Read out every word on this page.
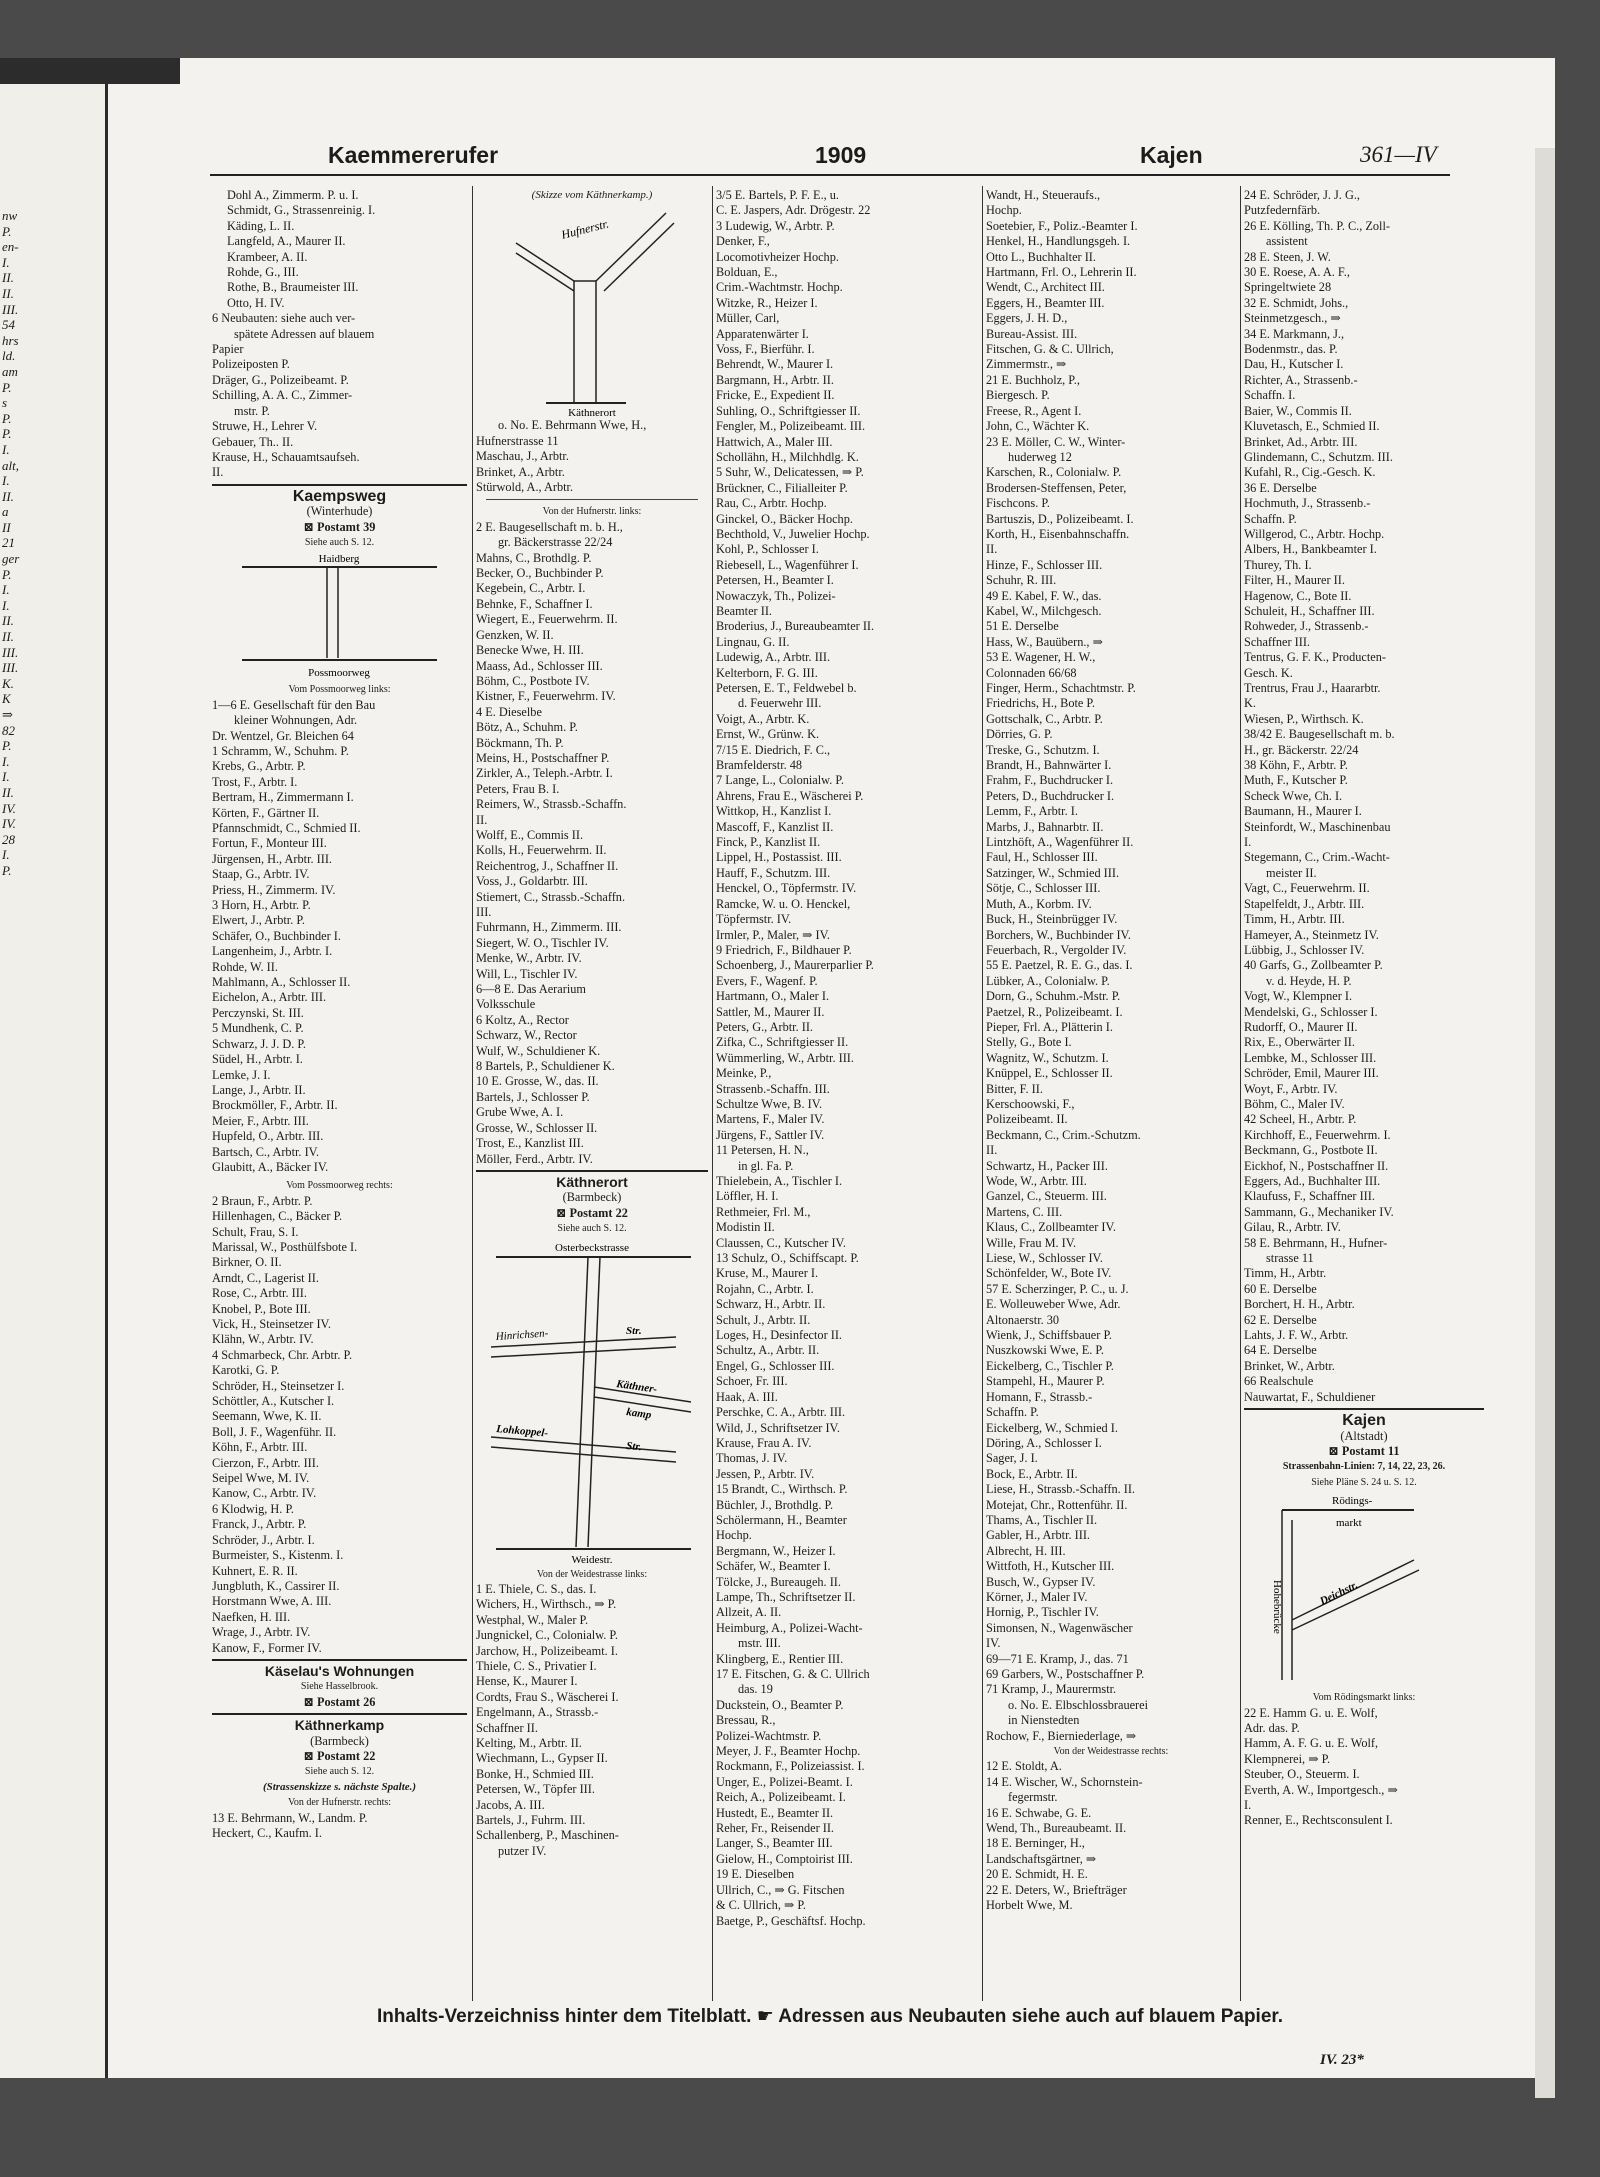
nw
P.
en-
I.
II.
II.
III.
54
hrs
ld.
am
P.
s
P.
P.
I.
alt,
I.
II.
a
II
21
ger
P.
I.
I.
II.
II.
III.
III.
K.
K
⇒
82
P.
I.
I.
II.
IV.
IV.
28
I.
P.
Kaemmererufer	1909	Kajen	361—IV
Dohl A., Zimmerm. P. u. I.
Schmidt, G., Strassenreinig. I.
Käding, L. II.
Langfeld, A., Maurer II.
Krambeer, A. II.
Rohde, G., III.
Rothe, B., Braumeister III.
Otto, H. IV.
6 Neubauten: siehe auch ver-
spätete Adressen auf blauem
Papier
Polizeiposten P.
Dräger, G., Polizeibeamt. P.
Schilling, A. A. C., Zimmer-
mstr. P.
Struwe, H., Lehrer V.
Gebauer, Th.. II.
Krause, H., Schauamtsaufseh.
II.
Kaempsweg
(Winterhude)
⊠ Postamt 39
Siehe auch S. 12.
Haidberg
Possmoorweg
Vom Possmoorweg links:
1—6 E. Gesellschaft für den Bau
kleiner Wohnungen, Adr.
Dr. Wentzel, Gr. Bleichen 64
1 Schramm, W., Schuhm. P.
Krebs, G., Arbtr. P.
Trost, F., Arbtr. I.
Bertram, H., Zimmermann I.
Körten, F., Gärtner II.
Pfannschmidt, C., Schmied II.
Fortun, F., Monteur III.
Jürgensen, H., Arbtr. III.
Staap, G., Arbtr. IV.
Priess, H., Zimmerm. IV.
3 Horn, H., Arbtr. P.
Elwert, J., Arbtr. P.
Schäfer, O., Buchbinder I.
Langenheim, J., Arbtr. I.
Rohde, W. II.
Mahlmann, A., Schlosser II.
Eichelon, A., Arbtr. III.
Perczynski, St. III.
5 Mundhenk, C. P.
Schwarz, J. J. D. P.
Südel, H., Arbtr. I.
Lemke, J. I.
Lange, J., Arbtr. II.
Brockmöller, F., Arbtr. II.
Meier, F., Arbtr. III.
Hupfeld, O., Arbtr. III.
Bartsch, C., Arbtr. IV.
Glaubitt, A., Bäcker IV.
Vom Possmoorweg rechts:
2 Braun, F., Arbtr. P.
Hillenhagen, C., Bäcker P.
Schult, Frau, S. I.
Marissal, W., Posthülfsbote I.
Birkner, O. II.
Arndt, C., Lagerist II.
Rose, C., Arbtr. III.
Knobel, P., Bote III.
Vick, H., Steinsetzer IV.
Klähn, W., Arbtr. IV.
4 Schmarbeck, Chr. Arbtr. P.
Karotki, G. P.
Schröder, H., Steinsetzer I.
Schöttler, A., Kutscher I.
Seemann, Wwe, K. II.
Boll, J. F., Wagenführ. II.
Köhn, F., Arbtr. III.
Cierzon, F., Arbtr. III.
Seipel Wwe, M. IV.
Kanow, C., Arbtr. IV.
6 Klodwig, H. P.
Franck, J., Arbtr. P.
Schröder, J., Arbtr. I.
Burmeister, S., Kistenm. I.
Kuhnert, E. R. II.
Jungbluth, K., Cassirer II.
Horstmann Wwe, A. III.
Naefken, H. III.
Wrage, J., Arbtr. IV.
Kanow, F., Former IV.
Käselau's Wohnungen
Siehe Hasselbrook.
⊠ Postamt 26
Käthnerkamp
(Barmbeck)
⊠ Postamt 22
Siehe auch S. 12.
(Strassenskizze s. nächste Spalte.)
Von der Hufnerstr. rechts:
13 E. Behrmann, W., Landm. P.
Heckert, C., Kaufm. I.
(Skizze vom Käthnerkamp.)
Hufnerstr.
Käthnerort
o. No. E. Behrmann Wwe, H.,
Hufnerstrasse 11
Maschau, J., Arbtr.
Brinket, A., Arbtr.
Stürwold, A., Arbtr.
Von der Hufnerstr. links:
2 E. Baugesellschaft m. b. H.,
gr. Bäckerstrasse 22/24
Mahns, C., Brothdlg. P.
Becker, O., Buchbinder P.
Kegebein, C., Arbtr. I.
Behnke, F., Schaffner I.
Wiegert, E., Feuerwehrm. II.
Genzken, W. II.
Benecke Wwe, H. III.
Maass, Ad., Schlosser III.
Böhm, C., Postbote IV.
Kistner, F., Feuerwehrm. IV.
4 E. Dieselbe
Bötz, A., Schuhm. P.
Böckmann, Th. P.
Meins, H., Postschaffner P.
Zirkler, A., Teleph.-Arbtr. I.
Peters, Frau B. I.
Reimers, W., Strassb.-Schaffn.
II.
Wolff, E., Commis II.
Kolls, H., Feuerwehrm. II.
Reichentrog, J., Schaffner II.
Voss, J., Goldarbtr. III.
Stiemert, C., Strassb.-Schaffn.
III.
Fuhrmann, H., Zimmerm. III.
Siegert, W. O., Tischler IV.
Menke, W., Arbtr. IV.
Will, L., Tischler IV.
6—8 E. Das Aerarium
Volksschule
6 Koltz, A., Rector
Schwarz, W., Rector
Wulf, W., Schuldiener K.
8 Bartels, P., Schuldiener K.
10 E. Grosse, W., das. II.
Bartels, J., Schlosser P.
Grube Wwe, A. I.
Grosse, W., Schlosser II.
Trost, E., Kanzlist III.
Möller, Ferd., Arbtr. IV.
Käthnerort
(Barmbeck)
⊠ Postamt 22
Siehe auch S. 12.
Osterbeckstrasse
Hinrichsen-	Str.
Käthner-
kamp
Lohkoppel-
Str.
Weidestr.
Von der Weidestrasse links:
1 E. Thiele, C. S., das. I.
Wichers, H., Wirthsch., ⇒ P.
Westphal, W., Maler P.
Jungnickel, C., Colonialw. P.
Jarchow, H., Polizeibeamt. I.
Thiele, C. S., Privatier I.
Hense, K., Maurer I.
Cordts, Frau S., Wäscherei I.
Engelmann, A., Strassb.-
Schaffner II.
Kelting, M., Arbtr. II.
Wiechmann, L., Gypser II.
Bonke, H., Schmied III.
Petersen, W., Töpfer III.
Jacobs, A. III.
Bartels, J., Fuhrm. III.
Schallenberg, P., Maschinen-
putzer IV.
3/5 E. Bartels, P. F. E., u.
C. E. Jaspers, Adr. Drögestr. 22
3 Ludewig, W., Arbtr. P.
Denker, F.,
Locomotivheizer Hochp.
Bolduan, E.,
Crim.-Wachtmstr. Hochp.
Witzke, R., Heizer I.
Müller, Carl,
Apparatenwärter I.
Voss, F., Bierführ. I.
Behrendt, W., Maurer I.
Bargmann, H., Arbtr. II.
Fricke, E., Expedient II.
Suhling, O., Schriftgiesser II.
Fengler, M., Polizeibeamt. III.
Hattwich, A., Maler III.
Schollähn, H., Milchhdlg. K.
5 Suhr, W., Delicatessen, ⇒ P.
Brückner, C., Filialleiter P.
Rau, C., Arbtr. Hochp.
Ginckel, O., Bäcker Hochp.
Bechthold, V., Juwelier Hochp.
Kohl, P., Schlosser I.
Riebesell, L., Wagenführer I.
Petersen, H., Beamter I.
Nowaczyk, Th., Polizei-
Beamter II.
Broderius, J., Bureaubeamter II.
Lingnau, G. II.
Ludewig, A., Arbtr. III.
Kelterborn, F. G. III.
Petersen, E. T., Feldwebel b.
d. Feuerwehr III.
Voigt, A., Arbtr. K.
Ernst, W., Grünw. K.
7/15 E. Diedrich, F. C.,
Bramfelderstr. 48
7 Lange, L., Colonialw. P.
Ahrens, Frau E., Wäscherei P.
Wittkop, H., Kanzlist I.
Mascoff, F., Kanzlist II.
Finck, P., Kanzlist II.
Lippel, H., Postassist. III.
Hauff, F., Schutzm. III.
Henckel, O., Töpfermstr. IV.
Ramcke, W. u. O. Henckel,
Töpfermstr. IV.
Irmler, P., Maler, ⇒ IV.
9 Friedrich, F., Bildhauer P.
Schoenberg, J., Maurerparlier P.
Evers, F., Wagenf. P.
Hartmann, O., Maler I.
Sattler, M., Maurer II.
Peters, G., Arbtr. II.
Zifka, C., Schriftgiesser II.
Wümmerling, W., Arbtr. III.
Meinke, P.,
Strassenb.-Schaffn. III.
Schultze Wwe, B. IV.
Martens, F., Maler IV.
Jürgens, F., Sattler IV.
11 Petersen, H. N.,
in gl. Fa. P.
Thielebein, A., Tischler I.
Löffler, H. I.
Rethmeier, Frl. M.,
Modistin II.
Claussen, C., Kutscher IV.
13 Schulz, O., Schiffscapt. P.
Kruse, M., Maurer I.
Rojahn, C., Arbtr. I.
Schwarz, H., Arbtr. II.
Schult, J., Arbtr. II.
Loges, H., Desinfector II.
Schultz, A., Arbtr. II.
Engel, G., Schlosser III.
Schoer, Fr. III.
Haak, A. III.
Perschke, C. A., Arbtr. III.
Wild, J., Schriftsetzer IV.
Krause, Frau A. IV.
Thomas, J. IV.
Jessen, P., Arbtr. IV.
15 Brandt, C., Wirthsch. P.
Büchler, J., Brothdlg. P.
Schölermann, H., Beamter
Hochp.
Bergmann, W., Heizer I.
Schäfer, W., Beamter I.
Tölcke, J., Bureaugeh. II.
Lampe, Th., Schriftsetzer II.
Allzeit, A. II.
Heimburg, A., Polizei-Wacht-
mstr. III.
Klingberg, E., Rentier III.
17 E. Fitschen, G. & C. Ullrich
das. 19
Duckstein, O., Beamter P.
Bressau, R.,
Polizei-Wachtmstr. P.
Meyer, J. F., Beamter Hochp.
Rockmann, F., Polizeiassist. I.
Unger, E., Polizei-Beamt. I.
Reich, A., Polizeibeamt. I.
Hustedt, E., Beamter II.
Reher, Fr., Reisender II.
Langer, S., Beamter III.
Gielow, H., Comptoirist III.
19 E. Dieselben
Ullrich, C., ⇒ G. Fitschen
& C. Ullrich, ⇒ P.
Baetge, P., Geschäftsf. Hochp.
Wandt, H., Steueraufs.,
Hochp.
Soetebier, F., Poliz.-Beamter I.
Henkel, H., Handlungsgeh. I.
Otto L., Buchhalter II.
Hartmann, Frl. O., Lehrerin II.
Wendt, C., Architect III.
Eggers, H., Beamter III.
Eggers, J. H. D.,
Bureau-Assist. III.
Fitschen, G. & C. Ullrich,
Zimmermstr., ⇒
21 E. Buchholz, P.,
Biergesch. P.
Freese, R., Agent I.
John, C., Wächter K.
23 E. Möller, C. W., Winter-
huderweg 12
Karschen, R., Colonialw. P.
Brodersen-Steffensen, Peter,
Fischcons. P.
Bartuszis, D., Polizeibeamt. I.
Korth, H., Eisenbahnschaffn.
II.
Hinze, F., Schlosser III.
Schuhr, R. III.
49 E. Kabel, F. W., das.
Kabel, W., Milchgesch.
51 E. Derselbe
Hass, W., Bauübern., ⇒
53 E. Wagener, H. W.,
Colonnaden 66/68
Finger, Herm., Schachtmstr. P.
Friedrichs, H., Bote P.
Gottschalk, C., Arbtr. P.
Dörries, G. P.
Treske, G., Schutzm. I.
Brandt, H., Bahnwärter I.
Frahm, F., Buchdrucker I.
Peters, D., Buchdrucker I.
Lemm, F., Arbtr. I.
Marbs, J., Bahnarbtr. II.
Lintzhöft, A., Wagenführer II.
Faul, H., Schlosser III.
Satzinger, W., Schmied III.
Sötje, C., Schlosser III.
Muth, A., Korbm. IV.
Buck, H., Steinbrügger IV.
Borchers, W., Buchbinder IV.
Feuerbach, R., Vergolder IV.
55 E. Paetzel, R. E. G., das. I.
Lübker, A., Colonialw. P.
Dorn, G., Schuhm.-Mstr. P.
Paetzel, R., Polizeibeamt. I.
Pieper, Frl. A., Plätterin I.
Stelly, G., Bote I.
Wagnitz, W., Schutzm. I.
Knüppel, E., Schlosser II.
Bitter, F. II.
Kerschoowski, F.,
Polizeibeamt. II.
Beckmann, C., Crim.-Schutzm.
II.
Schwartz, H., Packer III.
Wode, W., Arbtr. III.
Ganzel, C., Steuerm. III.
Martens, C. III.
Klaus, C., Zollbeamter IV.
Wille, Frau M. IV.
Liese, W., Schlosser IV.
Schönfelder, W., Bote IV.
57 E. Scherzinger, P. C., u. J.
E. Wolleuweber Wwe, Adr.
Altonaerstr. 30
Wienk, J., Schiffsbauer P.
Nuszkowski Wwe, E. P.
Eickelberg, C., Tischler P.
Stampehl, H., Maurer P.
Homann, F., Strassb.-
Schaffn. P.
Eickelberg, W., Schmied I.
Döring, A., Schlosser I.
Sager, J. I.
Bock, E., Arbtr. II.
Liese, H., Strassb.-Schaffn. II.
Motejat, Chr., Rottenführ. II.
Thams, A., Tischler II.
Gabler, H., Arbtr. III.
Albrecht, H. III.
Wittfoth, H., Kutscher III.
Busch, W., Gypser IV.
Körner, J., Maler IV.
Hornig, P., Tischler IV.
Simonsen, N., Wagenwäscher
IV.
69—71 E. Kramp, J., das. 71
69 Garbers, W., Postschaffner P.
71 Kramp, J., Maurermstr.
o. No. E. Elbschlossbrauerei
in Nienstedten
Rochow, F., Bierniederlage, ⇒
Von der Weidestrasse rechts:
12 E. Stoldt, A.
14 E. Wischer, W., Schornstein-
fegermstr.
16 E. Schwabe, G. E.
Wend, Th., Bureaubeamt. II.
18 E. Berninger, H.,
Landschaftsgärtner, ⇒
20 E. Schmidt, H. E.
22 E. Deters, W., Briefträger
Horbelt Wwe, M.
24 E. Schröder, J. J. G.,
Putzfedernfärb.
26 E. Kölling, Th. P. C., Zoll-
assistent
28 E. Steen, J. W.
30 E. Roese, A. A. F.,
Springeltwiete 28
32 E. Schmidt, Johs.,
Steinmetzgesch., ⇒
34 E. Markmann, J.,
Bodenmstr., das. P.
Dau, H., Kutscher I.
Richter, A., Strassenb.-
Schaffn. I.
Baier, W., Commis II.
Kluvetasch, E., Schmied II.
Brinket, Ad., Arbtr. III.
Glindemann, C., Schutzm. III.
Kufahl, R., Cig.-Gesch. K.
36 E. Derselbe
Hochmuth, J., Strassenb.-
Schaffn. P.
Willgerod, C., Arbtr. Hochp.
Albers, H., Bankbeamter I.
Thurey, Th. I.
Filter, H., Maurer II.
Hagenow, C., Bote II.
Schuleit, H., Schaffner III.
Rohweder, J., Strassenb.-
Schaffner III.
Tentrus, G. F. K., Producten-
Gesch. K.
Trentrus, Frau J., Haararbtr.
K.
Wiesen, P., Wirthsch. K.
38/42 E. Baugesellschaft m. b.
H., gr. Bäckerstr. 22/24
38 Köhn, F., Arbtr. P.
Muth, F., Kutscher P.
Scheck Wwe, Ch. I.
Baumann, H., Maurer I.
Steinfordt, W., Maschinenbau
I.
Stegemann, C., Crim.-Wacht-
meister II.
Vagt, C., Feuerwehrm. II.
Stapelfeldt, J., Arbtr. III.
Timm, H., Arbtr. III.
Hameyer, A., Steinmetz IV.
Lübbig, J., Schlosser IV.
40 Garfs, G., Zollbeamter P.
v. d. Heyde, H. P.
Vogt, W., Klempner I.
Mendelski, G., Schlosser I.
Rudorff, O., Maurer II.
Rix, E., Oberwärter II.
Lembke, M., Schlosser III.
Schröder, Emil, Maurer III.
Woyt, F., Arbtr. IV.
Böhm, C., Maler IV.
42 Scheel, H., Arbtr. P.
Kirchhoff, E., Feuerwehrm. I.
Beckmann, G., Postbote II.
Eickhof, N., Postschaffner II.
Eggers, Ad., Buchhalter III.
Klaufuss, F., Schaffner III.
Sammann, G., Mechaniker IV.
Gilau, R., Arbtr. IV.
58 E. Behrmann, H., Hufner-
strasse 11
Timm, H., Arbtr.
60 E. Derselbe
Borchert, H. H., Arbtr.
62 E. Derselbe
Lahts, J. F. W., Arbtr.
64 E. Derselbe
Brinket, W., Arbtr.
66 Realschule
Nauwartat, F., Schuldiener
Kajen
(Altstadt)
⊠ Postamt 11
Strassenbahn-Linien: 7, 14, 22, 23, 26.
Siehe Pläne S. 24 u. S. 12.
Rödings-
markt
Deichstr.
Hohebrücke
Vom Rödingsmarkt links:
22 E. Hamm G. u. E. Wolf,
Adr. das. P.
Hamm, A. F. G. u. E. Wolf,
Klempnerei, ⇒ P.
Steuber, O., Steuerm. I.
Everth, A. W., Importgesch., ⇒
I.
Renner, E., Rechtsconsulent I.
Inhalts-Verzeichniss hinter dem Titelblatt. ☛ Adressen aus Neubauten siehe auch auf blauem Papier.
IV. 23*
